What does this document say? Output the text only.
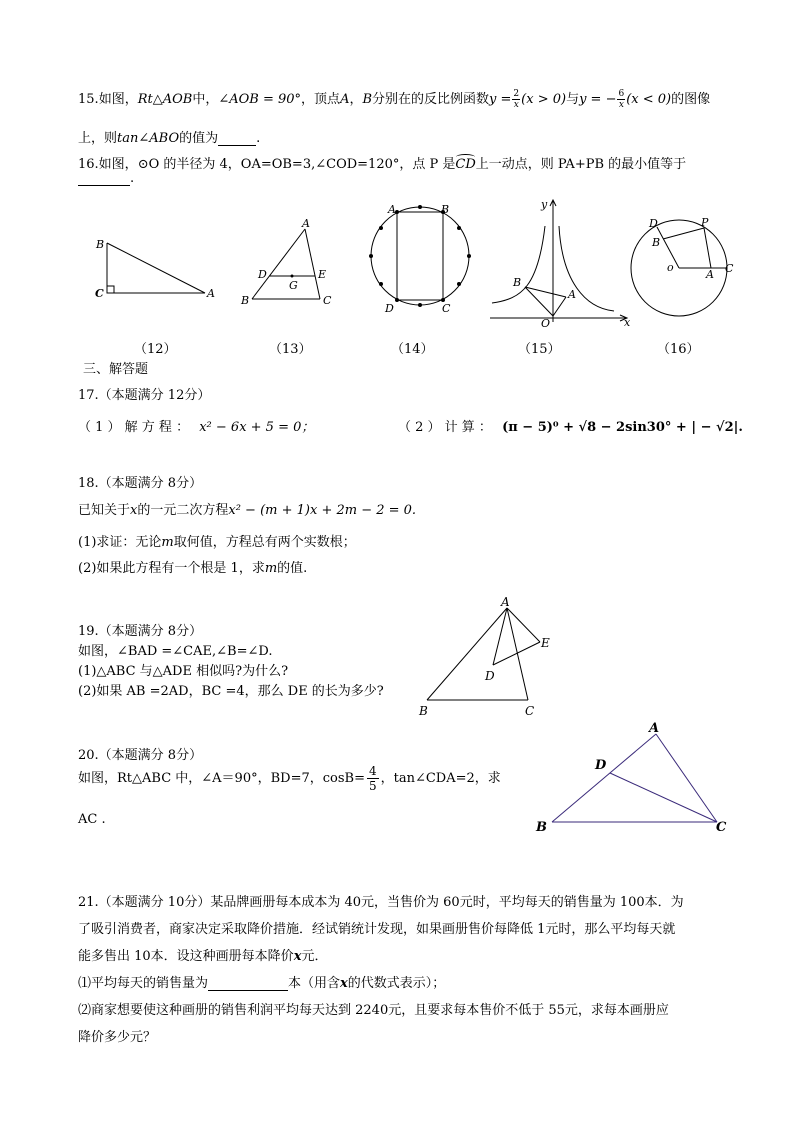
15.如图，Rt△AOB中，∠AOB = 90°，顶点A，B分别在的反比例函数$y = \frac{2}{x} (x > 0)$与y = − $\frac{6}{x} (x < 0)$的图像
上，则tan∠ABO的值为	.
16.如图，⊙O 的半径为 4，OA=OB=3,∠COD=120°，点 P 是CD上一动点，则 PA+PB 的最小值等于
.
B
C	A
A
D	E
G
B	C
A	B
D	C
y
x
B
A
O
D	P
B
o
A C
（12）	（13）	（14）	（15）	（16）
三、解答题
17.（本题满分 12分）
（ 1 ） 解 方 程 ： x² − 6x + 5 = 0；	（ 2 ） 计 算 ： (π − 5)⁰ + √8 − 2sin30° + | − √2|.
18.（本题满分 8分）
已知关于x的一元二次方程x² − (m + 1)x + 2m − 2 = 0.
(1)求证：无论m取何值，方程总有两个实数根；
(2)如果此方程有一个根是 1，求m的值.
19.（本题满分 8分）
如图，∠BAD =∠CAE,∠B=∠D.
(1)△ABC 与△ADE 相似吗?为什么?
(2)如果 AB =2AD，BC =4，那么 DE 的长为多少?
A
E
D
B	C
20.（本题满分 8分）
如图，Rt△ABC 中，∠A＝90°，BD=7，$\cos B= \frac{4}{5}$ ，tan∠CDA=2，求
AC .
A
D
B	C
21.（本题满分 10分）某品牌画册每本成本为 40元，当售价为 60元时，平均每天的销售量为 100本．为
了吸引消费者，商家决定采取降价措施．经试销统计发现，如果画册售价每降低 1元时，那么平均每天就
能多售出 10本．设这种画册每本降价x元．
⑴平均每天的销售量为	本（用含x的代数式表示）；
⑵商家想要使这种画册的销售利润平均每天达到 2240元，且要求每本售价不低于 55元，求每本画册应
降价多少元？
